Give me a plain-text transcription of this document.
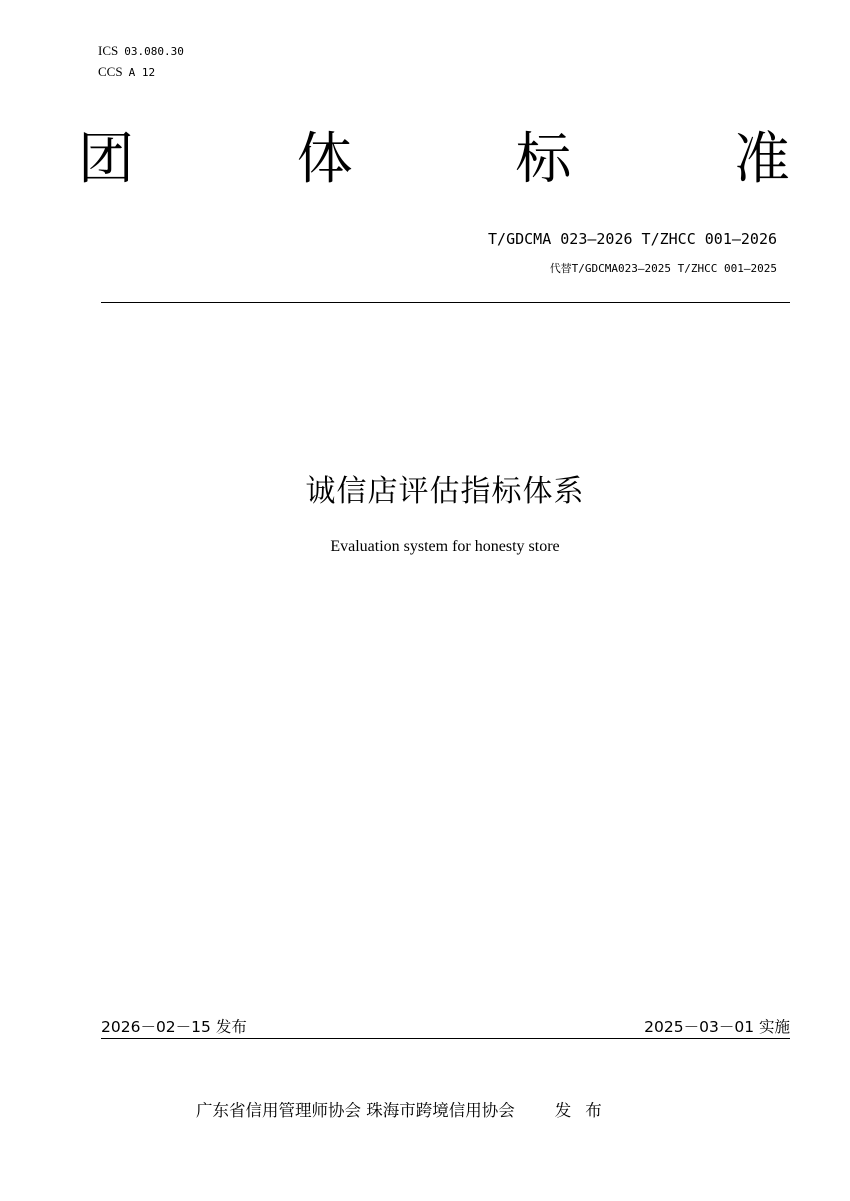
ICS 03.080.30
CCS A 12
团	体	标	准
T/GDCMA 023—2026 T/ZHCC 001—2026
代替T/GDCMA023—2025 T/ZHCC 001—2025
诚信店评估指标体系
Evaluation system for honesty store
2026－02－15 发布	2025－03－01 实施
广东省信用管理师协会 珠海市跨境信用协会 发布
